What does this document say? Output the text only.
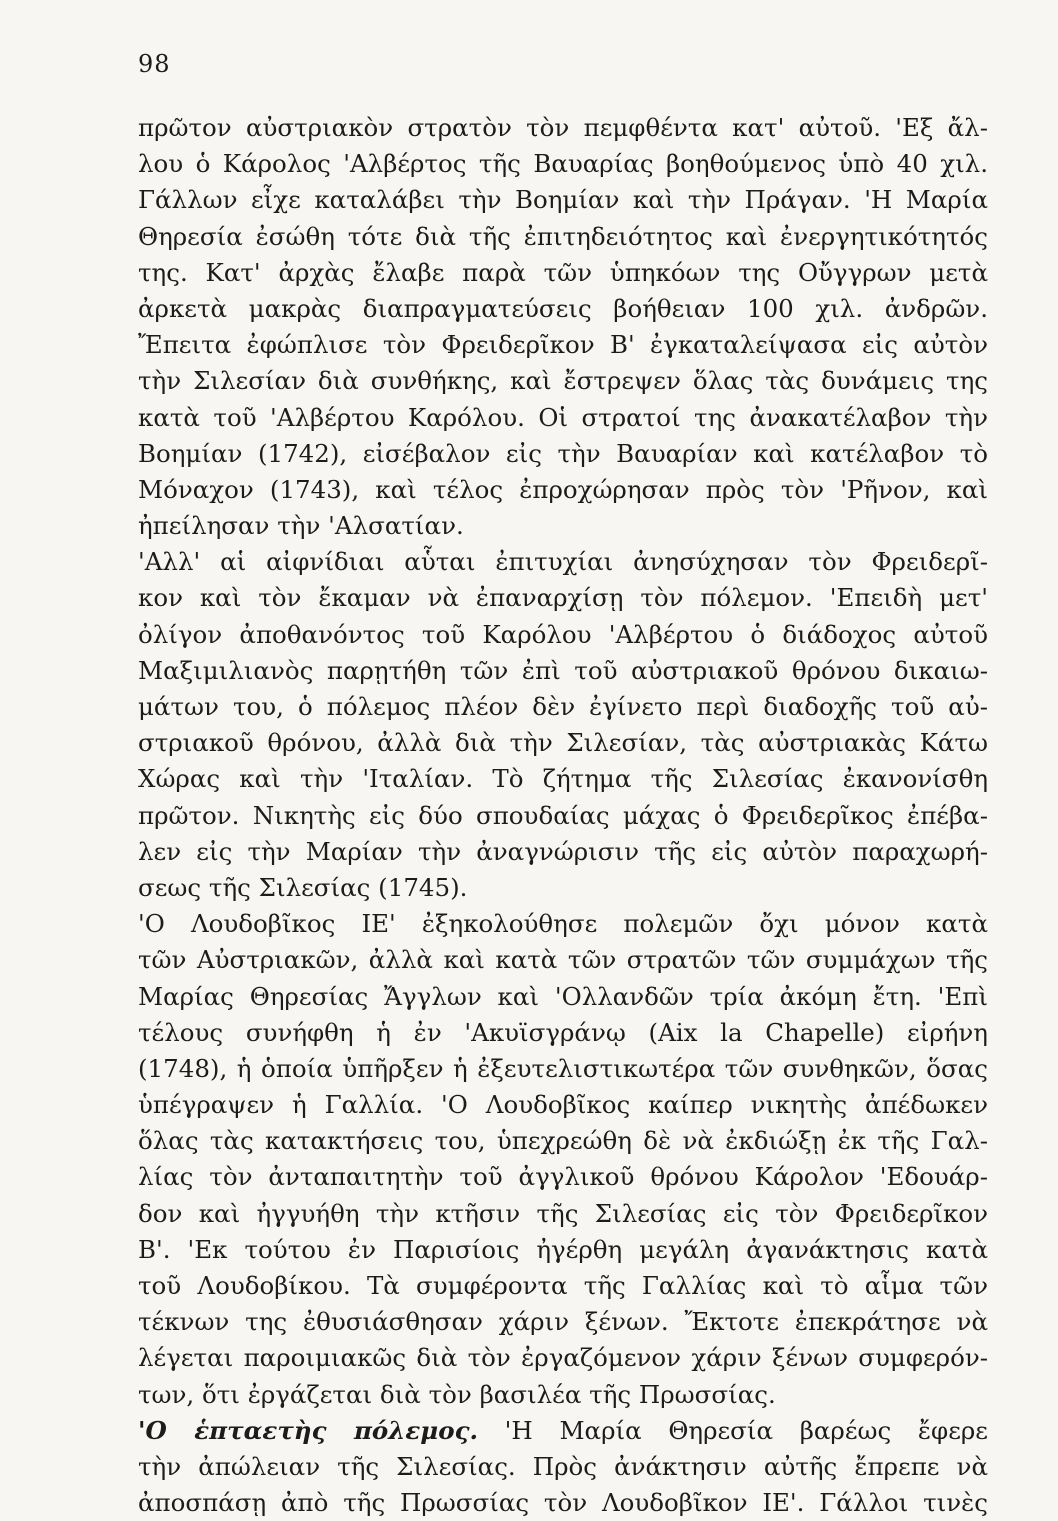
98
πρῶτον αὐστριακὸν στρατὸν τὸν πεμφθέντα κατ' αὐτοῦ. 'Εξ ἄλ-
λου ὁ Κάρολος 'Αλβέρτος τῆς Βαυαρίας βοηθούμενος ὑπὸ 40 χιλ.
Γάλλων εἶχε καταλάβει τὴν Βοημίαν καὶ τὴν Πράγαν. 'Η Μαρία
Θηρεσία ἐσώθη τότε διὰ τῆς ἐπιτηδειότητος καὶ ἐνεργητικότητός
της. Κατ' ἀρχὰς ἔλαβε παρὰ τῶν ὑπηκόων της Οὔγγρων μετὰ
ἀρκετὰ μακρὰς διαπραγματεύσεις βοήθειαν 100 χιλ. ἀνδρῶν.
Ἔπειτα ἐφώπλισε τὸν Φρειδερῖκον Β' ἐγκαταλείψασα εἰς αὐτὸν
τὴν Σιλεσίαν διὰ συνθήκης, καὶ ἔστρεψεν ὅλας τὰς δυνάμεις της
κατὰ τοῦ 'Αλβέρτου Καρόλου. Οἱ στρατοί της ἀνακατέλαβον τὴν
Βοημίαν (1742), εἰσέβαλον εἰς τὴν Βαυαρίαν καὶ κατέλαβον τὸ
Μόναχον (1743), καὶ τέλος ἐπροχώρησαν πρὸς τὸν 'Ρῆνον, καὶ
ἠπείλησαν τὴν 'Αλσατίαν.
'Αλλ' αἱ αἰφνίδιαι αὗται ἐπιτυχίαι ἀνησύχησαν τὸν Φρειδερῖ-
κον καὶ τὸν ἔκαμαν νὰ ἐπαναρχίσῃ τὸν πόλεμον. 'Επειδὴ μετ'
ὀλίγον ἀποθανόντος τοῦ Καρόλου 'Αλβέρτου ὁ διάδοχος αὐτοῦ
Μαξιμιλιανὸς παρῃτήθη τῶν ἐπὶ τοῦ αὐστριακοῦ θρόνου δικαιω-
μάτων του, ὁ πόλεμος πλέον δὲν ἐγίνετο περὶ διαδοχῆς τοῦ αὐ-
στριακοῦ θρόνου, ἀλλὰ διὰ τὴν Σιλεσίαν, τὰς αὐστριακὰς Κάτω
Χώρας καὶ τὴν 'Ιταλίαν. Τὸ ζήτημα τῆς Σιλεσίας ἐκανονίσθη
πρῶτον. Νικητὴς εἰς δύο σπουδαίας μάχας ὁ Φρειδερῖκος ἐπέβα-
λεν εἰς τὴν Μαρίαν τὴν ἀναγνώρισιν τῆς εἰς αὐτὸν παραχωρή-
σεως τῆς Σιλεσίας (1745).
'Ο Λουδοβῖκος ΙΕ' ἐξηκολούθησε πολεμῶν ὄχι μόνον κατὰ
τῶν Αὐστριακῶν, ἀλλὰ καὶ κατὰ τῶν στρατῶν τῶν συμμάχων τῆς
Μαρίας Θηρεσίας Ἄγγλων καὶ 'Ολλανδῶν τρία ἀκόμη ἔτη. 'Επὶ
τέλους συνήφθη ἡ ἐν 'Ακυϊσγράνῳ (Aix la Chapelle) εἰρήνη
(1748), ἡ ὁποία ὑπῆρξεν ἡ ἐξευτελιστικωτέρα τῶν συνθηκῶν, ὅσας
ὑπέγραψεν ἡ Γαλλία. 'Ο Λουδοβῖκος καίπερ νικητὴς ἀπέδωκεν
ὅλας τὰς κατακτήσεις του, ὑπεχρεώθη δὲ νὰ ἐκδιώξῃ ἐκ τῆς Γαλ-
λίας τὸν ἀνταπαιτητὴν τοῦ ἀγγλικοῦ θρόνου Κάρολον 'Εδουάρ-
δον καὶ ἠγγυήθη τὴν κτῆσιν τῆς Σιλεσίας εἰς τὸν Φρειδερῖκον
Β'. 'Εκ τούτου ἐν Παρισίοις ἠγέρθη μεγάλη ἀγανάκτησις κατὰ
τοῦ Λουδοβίκου. Τὰ συμφέροντα τῆς Γαλλίας καὶ τὸ αἷμα τῶν
τέκνων της ἐθυσιάσθησαν χάριν ξένων. Ἔκτοτε ἐπεκράτησε νὰ
λέγεται παροιμιακῶς διὰ τὸν ἐργαζόμενον χάριν ξένων συμφερόν-
των, ὅτι ἐργάζεται διὰ τὸν βασιλέα τῆς Πρωσσίας.
'Ο ἑπταετὴς πόλεμος. 'Η Μαρία Θηρεσία βαρέως ἔφερε
τὴν ἀπώλειαν τῆς Σιλεσίας. Πρὸς ἀνάκτησιν αὐτῆς ἔπρεπε νὰ
ἀποσπάσῃ ἀπὸ τῆς Πρωσσίας τὸν Λουδοβῖκον ΙΕ'. Γάλλοι τινὲς
